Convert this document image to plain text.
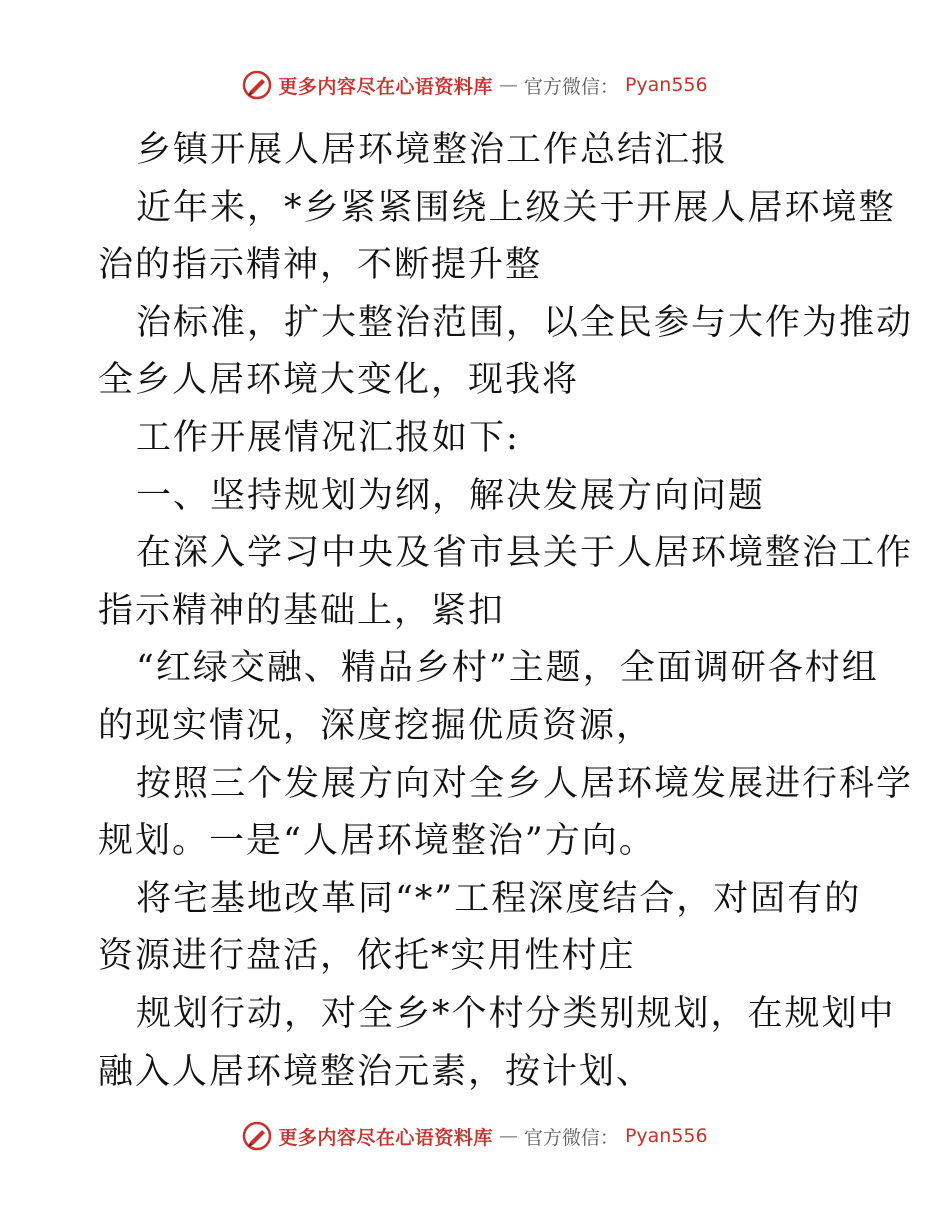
更多内容尽在心语资料库 — 官方微信： Pyan556
乡镇开展人居环境整治工作总结汇报
近年来，*乡紧紧围绕上级关于开展人居环境整
治的指示精神，不断提升整
治标准，扩大整治范围，以全民参与大作为推动
全乡人居环境大变化，现我将
工作开展情况汇报如下:
一、坚持规划为纲，解决发展方向问题
在深入学习中央及省市县关于人居环境整治工作
指示精神的基础上，紧扣
“红绿交融、精品乡村”主题，全面调研各村组
的现实情况，深度挖掘优质资源，
按照三个发展方向对全乡人居环境发展进行科学
规划。一是“人居环境整治”方向。
将宅基地改革同“*”工程深度结合，对固有的
资源进行盘活，依托*实用性村庄
规划行动，对全乡*个村分类别规划，在规划中
融入人居环境整治元素，按计划、
更多内容尽在心语资料库 — 官方微信： Pyan556
